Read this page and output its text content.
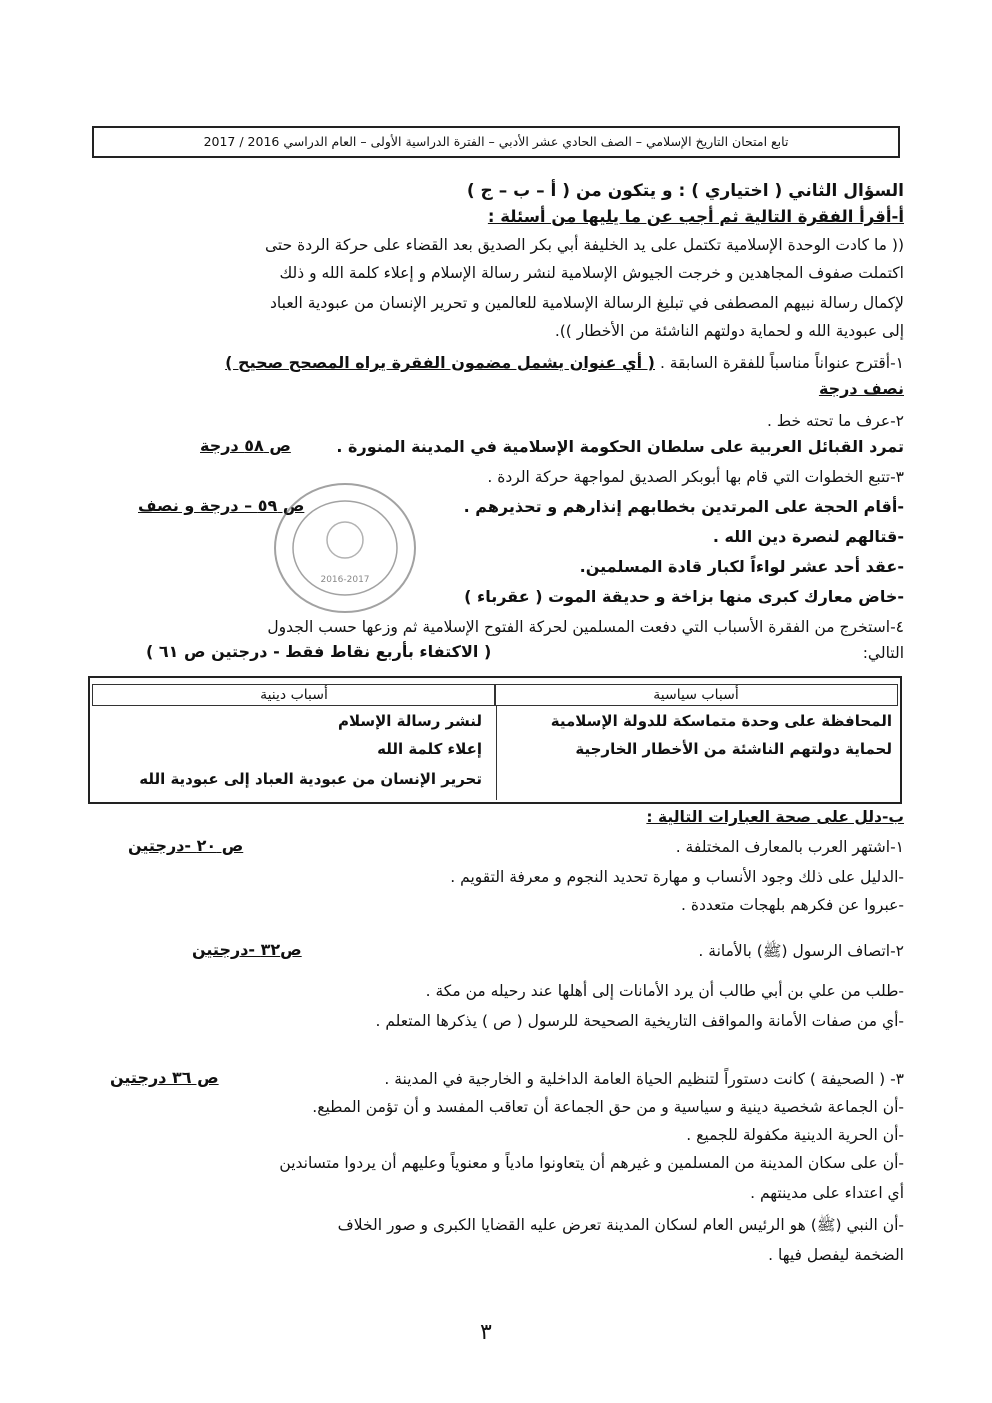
تابع امتحان التاريخ الإسلامي – الصف الحادي عشر الأدبي – الفترة الدراسية الأولى – العام الدراسي 2016 / 2017
السؤال الثاني ( اختياري ) : و يتكون من ( أ – ب – ج )
أ-أقرأ الفقرة التالية ثم أجب عن ما يليها من أسئلة :
(( ما كادت الوحدة الإسلامية تكتمل على يد الخليفة أبي بكر الصديق بعد القضاء على حركة الردة حتى
اكتملت صفوف المجاهدين و خرجت الجيوش الإسلامية لنشر رسالة الإسلام و إعلاء كلمة الله و ذلك
لإكمال رسالة نبيهم المصطفى في تبليغ الرسالة الإسلامية للعالمين و تحرير الإنسان من عبودية العباد
إلى عبودية الله و لحماية دولتهم الناشئة من الأخطار )).
١-أقترح عنواناً مناسباً للفقرة السابقة . ( أي عنوان يشمل مضمون الفقرة يراه المصحح صحيح )
نصف درجة
٢-عرف ما تحته خط .
تمرد القبائل العربية على سلطان الحكومة الإسلامية في المدينة المنورة .
ص ٥٨ درجة
٣-تتبع الخطوات التي قام بها أبوبكر الصديق لمواجهة حركة الردة .
-أقام الحجة على المرتدين بخطابهم إنذارهم و تحذيرهم .
ص ٥٩ – درجة و نصف
-قتالهم لنصرة دين الله .
-عقد أحد عشر لواءاً لكبار قادة المسلمين.
-خاض معارك كبرى منها بزاخة و حديقة الموت ( عقرباء )
٤-استخرج من الفقرة الأسباب التي دفعت المسلمين لحركة الفتوح الإسلامية ثم وزعها حسب الجدول
التالي:
( الاكتفاء بأربع نقاط فقط - درجتين ص ٦١ )
أسباب سياسية
أسباب دينية
المحافظة على وحدة متماسكة للدولة الإسلامية
لحماية دولتهم الناشئة من الأخطار الخارجية
لنشر رسالة الإسلام
إعلاء كلمة الله
تحرير الإنسان من عبودية العباد إلى عبودية الله
ب-دلل على صحة العبارات التالية :
١-اشتهر العرب بالمعارف المختلفة .
ص ٢٠ -درجتين
-الدليل على ذلك وجود الأنساب و مهارة تحديد النجوم و معرفة التقويم .
-عبروا عن فكرهم بلهجات متعددة .
٢-اتصاف الرسول (ﷺ) بالأمانة .
ص٣٢ -درجتين
-طلب من علي بن أبي طالب أن يرد الأمانات إلى أهلها عند رحيله من مكة .
-أي من صفات الأمانة والمواقف التاريخية الصحيحة للرسول ( ص ) يذكرها المتعلم .
٣- ( الصحيفة ) كانت دستوراً لتنظيم الحياة العامة الداخلية و الخارجية في المدينة .
ص ٣٦ درجتين
-أن الجماعة شخصية دينية و سياسية و من حق الجماعة أن تعاقب المفسد و أن تؤمن المطيع.
-أن الحرية الدينية مكفولة للجميع .
-أن على سكان المدينة من المسلمين و غيرهم أن يتعاونوا مادياً و معنوياً وعليهم أن يردوا متساندين
أي اعتداء على مدينتهم .
-أن النبي (ﷺ) هو الرئيس العام لسكان المدينة تعرض عليه القضايا الكبرى و صور الخلاف
الضخمة ليفصل فيها .
2016-2017
٣
